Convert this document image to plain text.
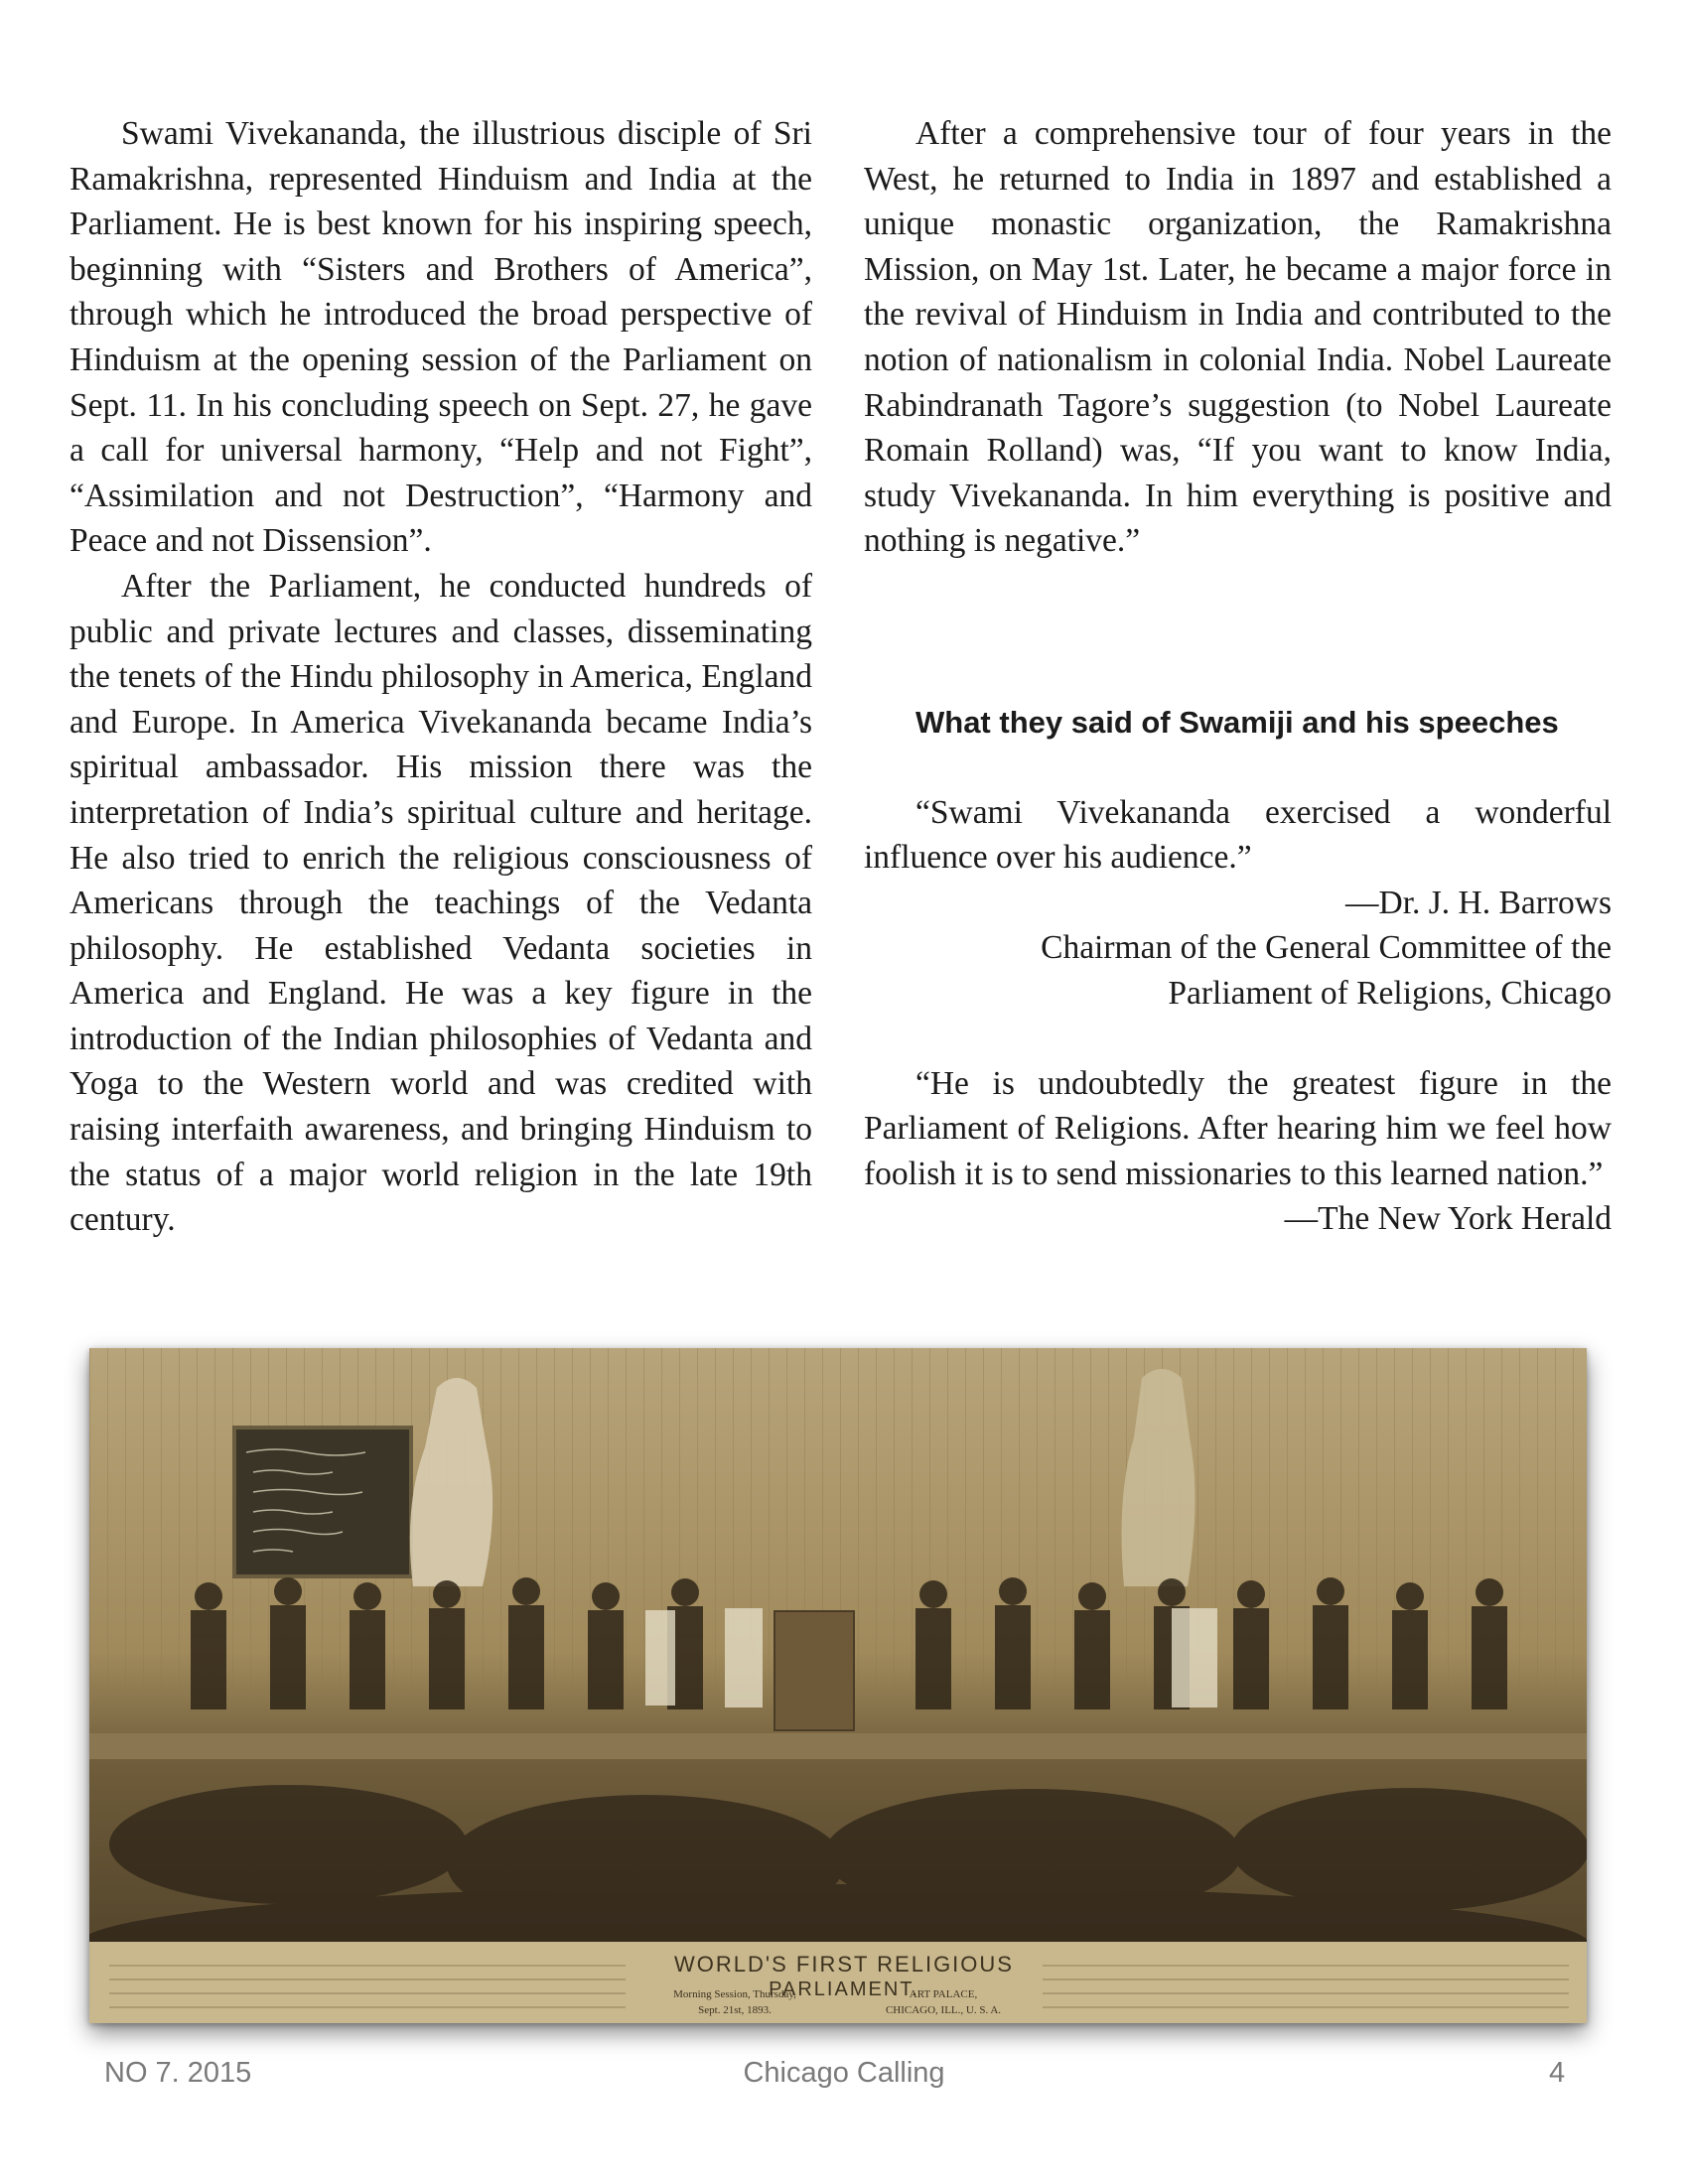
Swami Vivekananda, the illustrious disciple of Sri Ramakrishna, represented Hinduism and India at the Parliament. He is best known for his inspiring speech, beginning with “Sisters and Brothers of America”, through which he introduced the broad perspective of Hinduism at the opening session of the Parliament on Sept. 11. In his concluding speech on Sept. 27, he gave a call for universal harmony, “Help and not Fight”, “Assimilation and not Destruction”, “Harmony and Peace and not Dissension”.

After the Parliament, he conducted hundreds of public and private lectures and classes, disseminating the tenets of the Hindu philosophy in America, England and Europe. In America Vivekananda became India’s spiritual ambassador. His mission there was the interpretation of India’s spiritual culture and heritage. He also tried to enrich the religious consciousness of Americans through the teachings of the Vedanta philosophy. He established Vedanta societies in America and England. He was a key figure in the introduction of the Indian philosophies of Vedanta and Yoga to the Western world and was credited with raising interfaith awareness, and bringing Hinduism to the status of a major world religion in the late 19th century.

After a comprehensive tour of four years in the West, he returned to India in 1897 and established a unique monastic organization, the Ramakrishna Mission, on May 1st. Later, he became a major force in the revival of Hinduism in India and contributed to the notion of nationalism in colonial India. Nobel Laureate Rabindranath Tagore’s suggestion (to Nobel Laureate Romain Rolland) was, “If you want to know India, study Vivekananda. In him everything is positive and nothing is negative.”

What they said of Swamiji and his speeches

“Swami Vivekananda exercised a wonderful influence over his audience.”

—Dr. J. H. Barrows

Chairman of the General Committee of the

Parliament of Religions, Chicago

“He is undoubtedly the greatest figure in the Parliament of Religions. After hearing him we feel how foolish it is to send missionaries to this learned nation.”

—The New York Herald

WORLD'S FIRST RELIGIOUS
PARLIAMENT.
Morning Session, Thursday,
Sept. 21st, 1893.
ART PALACE,
CHICAGO, ILL., U. S. A.
NO 7. 2015	Chicago Calling	4
